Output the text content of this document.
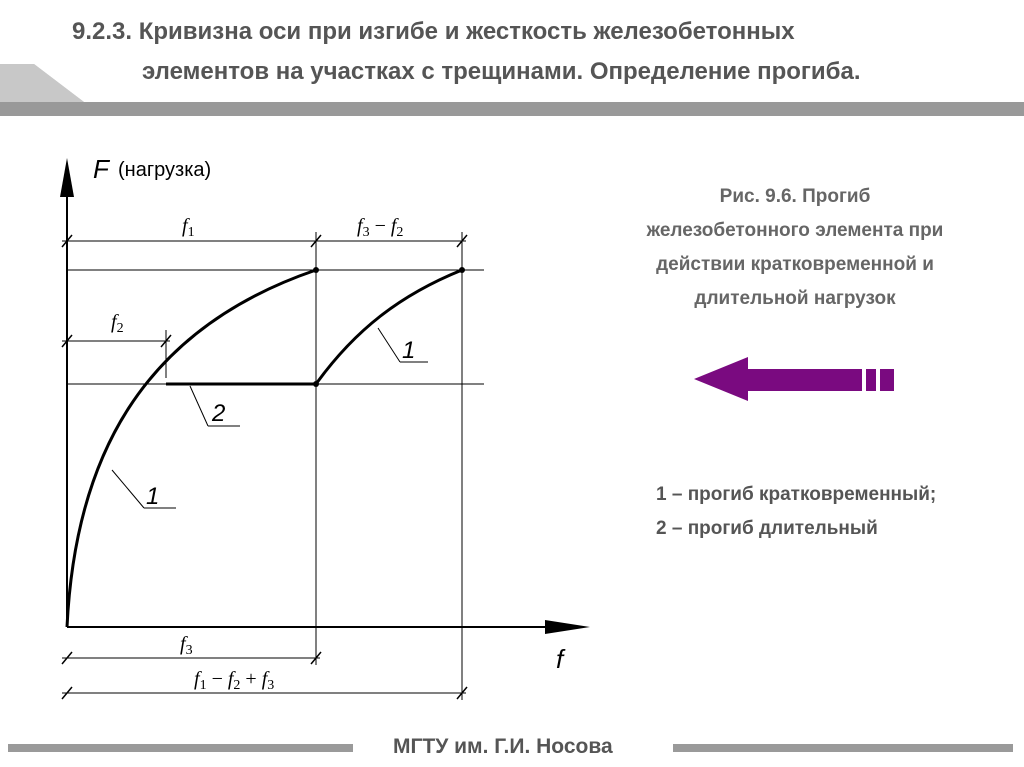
9.2.3. Кривизна оси при изгибе и жесткость железобетонных
элементов на участках с трещинами. Определение прогиба.
F (нагрузка)
f
$f_1$	$f_3 - f_2$
$f_2$
$f_3$
$f_1 - f_2 + f_3$
1
2
1
Рис. 9.6. Прогиб
железобетонного элемента при
действии кратковременной и
длительной нагрузок
1 – прогиб кратковременный;
2 – прогиб длительный
МГТУ им. Г.И. Носова
